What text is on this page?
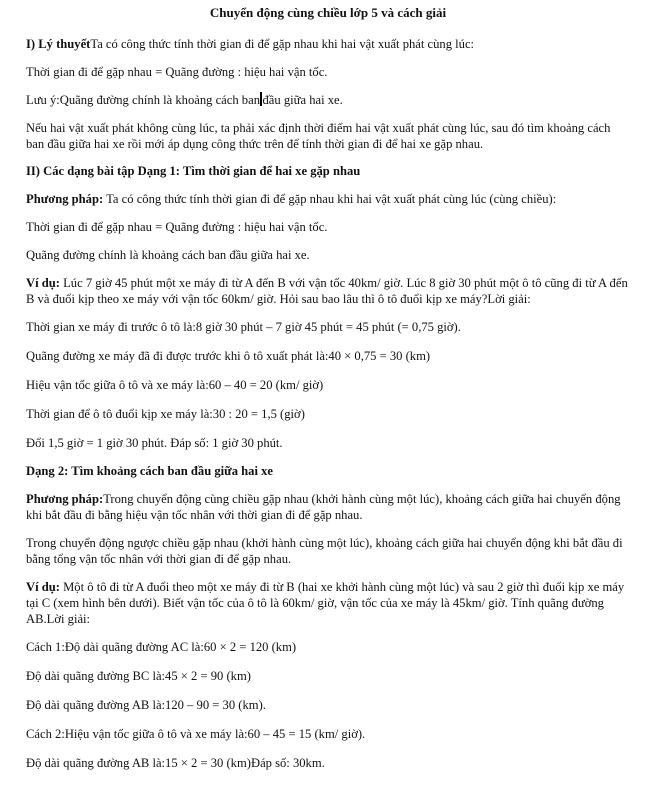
Chuyển động cùng chiều lớp 5 và cách giải

I) Lý thuyếtTa có công thức tính thời gian đi để gặp nhau khi hai vật xuất phát cùng lúc:

Thời gian đi để gặp nhau = Quãng đường : hiệu hai vận tốc.

Lưu ý:Quãng đường chính là khoảng cách ban đầu giữa hai xe.

Nếu hai vật xuất phát không cùng lúc, ta phải xác định thời điểm hai vật xuất phát cùng lúc, sau đó tìm khoảng cách ban đầu giữa hai xe rồi mới áp dụng công thức trên để tính thời gian đi để hai xe gặp nhau.

II) Các dạng bài tập Dạng 1: Tìm thời gian để hai xe gặp nhau

Phương pháp: Ta có công thức tính thời gian đi để gặp nhau khi hai vật xuất phát cùng lúc (cùng chiều):

Thời gian đi để gặp nhau = Quãng đường : hiệu hai vận tốc.

Quãng đường chính là khoảng cách ban đầu giữa hai xe.

Ví dụ: Lúc 7 giờ 45 phút một xe máy đi từ A đến B với vận tốc 40km/ giờ. Lúc 8 giờ 30 phút một ô tô cũng đi từ A đến B và đuổi kịp theo xe máy với vận tốc 60km/ giờ. Hỏi sau bao lâu thì ô tô đuổi kịp xe máy?Lời giải:

Thời gian xe máy đi trước ô tô là:8 giờ 30 phút – 7 giờ 45 phút = 45 phút (= 0,75 giờ).

Quãng đường xe máy đã đi được trước khi ô tô xuất phát là:40 × 0,75 = 30 (km)

Hiệu vận tốc giữa ô tô và xe máy là:60 – 40 = 20 (km/ giờ)

Thời gian để ô tô đuổi kịp xe máy là:30 : 20 = 1,5 (giờ)

Đổi 1,5 giờ = 1 giờ 30 phút. Đáp số: 1 giờ 30 phút.

Dạng 2: Tìm khoảng cách ban đầu giữa hai xe

Phương pháp:Trong chuyển động cùng chiều gặp nhau (khởi hành cùng một lúc), khoảng cách giữa hai chuyển động khi bắt đầu đi bằng hiệu vận tốc nhân với thời gian đi để gặp nhau.

Trong chuyển động ngược chiều gặp nhau (khởi hành cùng một lúc), khoảng cách giữa hai chuyển động khi bắt đầu đi bằng tổng vận tốc nhân với thời gian đi để gặp nhau.

Ví dụ: Một ô tô đi từ A đuổi theo một xe máy đi từ B (hai xe khởi hành cùng một lúc) và sau 2 giờ thì đuổi kịp xe máy tại C (xem hình bên dưới). Biết vận tốc của ô tô là 60km/ giờ, vận tốc của xe máy là 45km/ giờ. Tính quãng đường AB.Lời giải:

Cách 1:Độ dài quãng đường AC là:60 × 2 = 120 (km)

Độ dài quãng đường BC là:45 × 2 = 90 (km)

Độ dài quãng đường AB là:120 – 90 = 30 (km).

Cách 2:Hiệu vận tốc giữa ô tô và xe máy là:60 – 45 = 15 (km/ giờ).

Độ dài quãng đường AB là:15 × 2 = 30 (km)Đáp số: 30km.
